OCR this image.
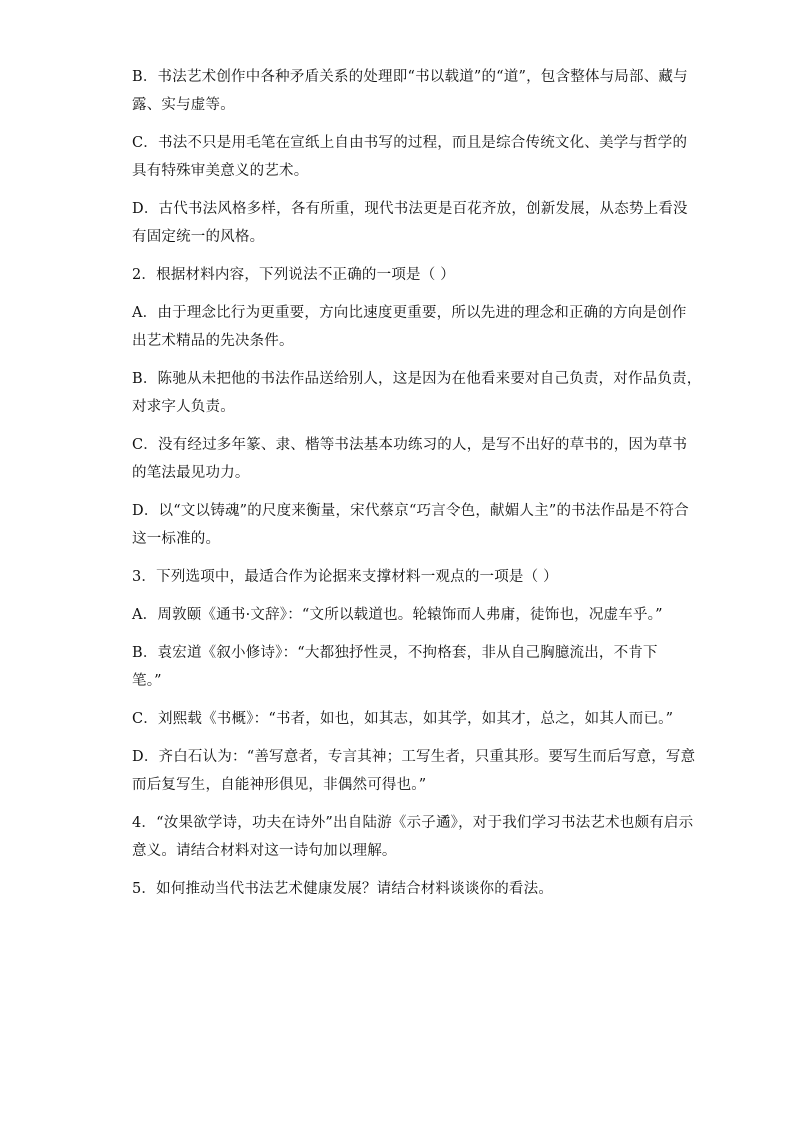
B．书法艺术创作中各种矛盾关系的处理即“书以载道”的“道”，包含整体与局部、藏与
露、实与虚等。

C．书法不只是用毛笔在宣纸上自由书写的过程，而且是综合传统文化、美学与哲学的
具有特殊审美意义的艺术。

D．古代书法风格多样，各有所重，现代书法更是百花齐放，创新发展，从态势上看没
有固定统一的风格。

2．根据材料内容，下列说法不正确的一项是（ ）

A．由于理念比行为更重要，方向比速度更重要，所以先进的理念和正确的方向是创作
出艺术精品的先决条件。

B．陈驰从未把他的书法作品送给别人，这是因为在他看来要对自己负责，对作品负责，
对求字人负责。

C．没有经过多年篆、隶、楷等书法基本功练习的人，是写不出好的草书的，因为草书
的笔法最见功力。

D．以“文以铸魂”的尺度来衡量，宋代蔡京“巧言令色，献媚人主”的书法作品是不符合
这一标准的。

3．下列选项中，最适合作为论据来支撑材料一观点的一项是（ ）

A．周敦颐《通书·文辞》：“文所以载道也。轮辕饰而人弗庸，徒饰也，况虚车乎。”

B．袁宏道《叙小修诗》：“大都独抒性灵，不拘格套，非从自己胸臆流出，不肯下
笔。”

C．刘熙载《书概》：“书者，如也，如其志，如其学，如其才，总之，如其人而已。”

D．齐白石认为：“善写意者，专言其神；工写生者，只重其形。要写生而后写意，写意
而后复写生，自能神形俱见，非偶然可得也。”

4．“汝果欲学诗，功夫在诗外”出自陆游《示子遹》，对于我们学习书法艺术也颇有启示
意义。请结合材料对这一诗句加以理解。

5．如何推动当代书法艺术健康发展？请结合材料谈谈你的看法。
